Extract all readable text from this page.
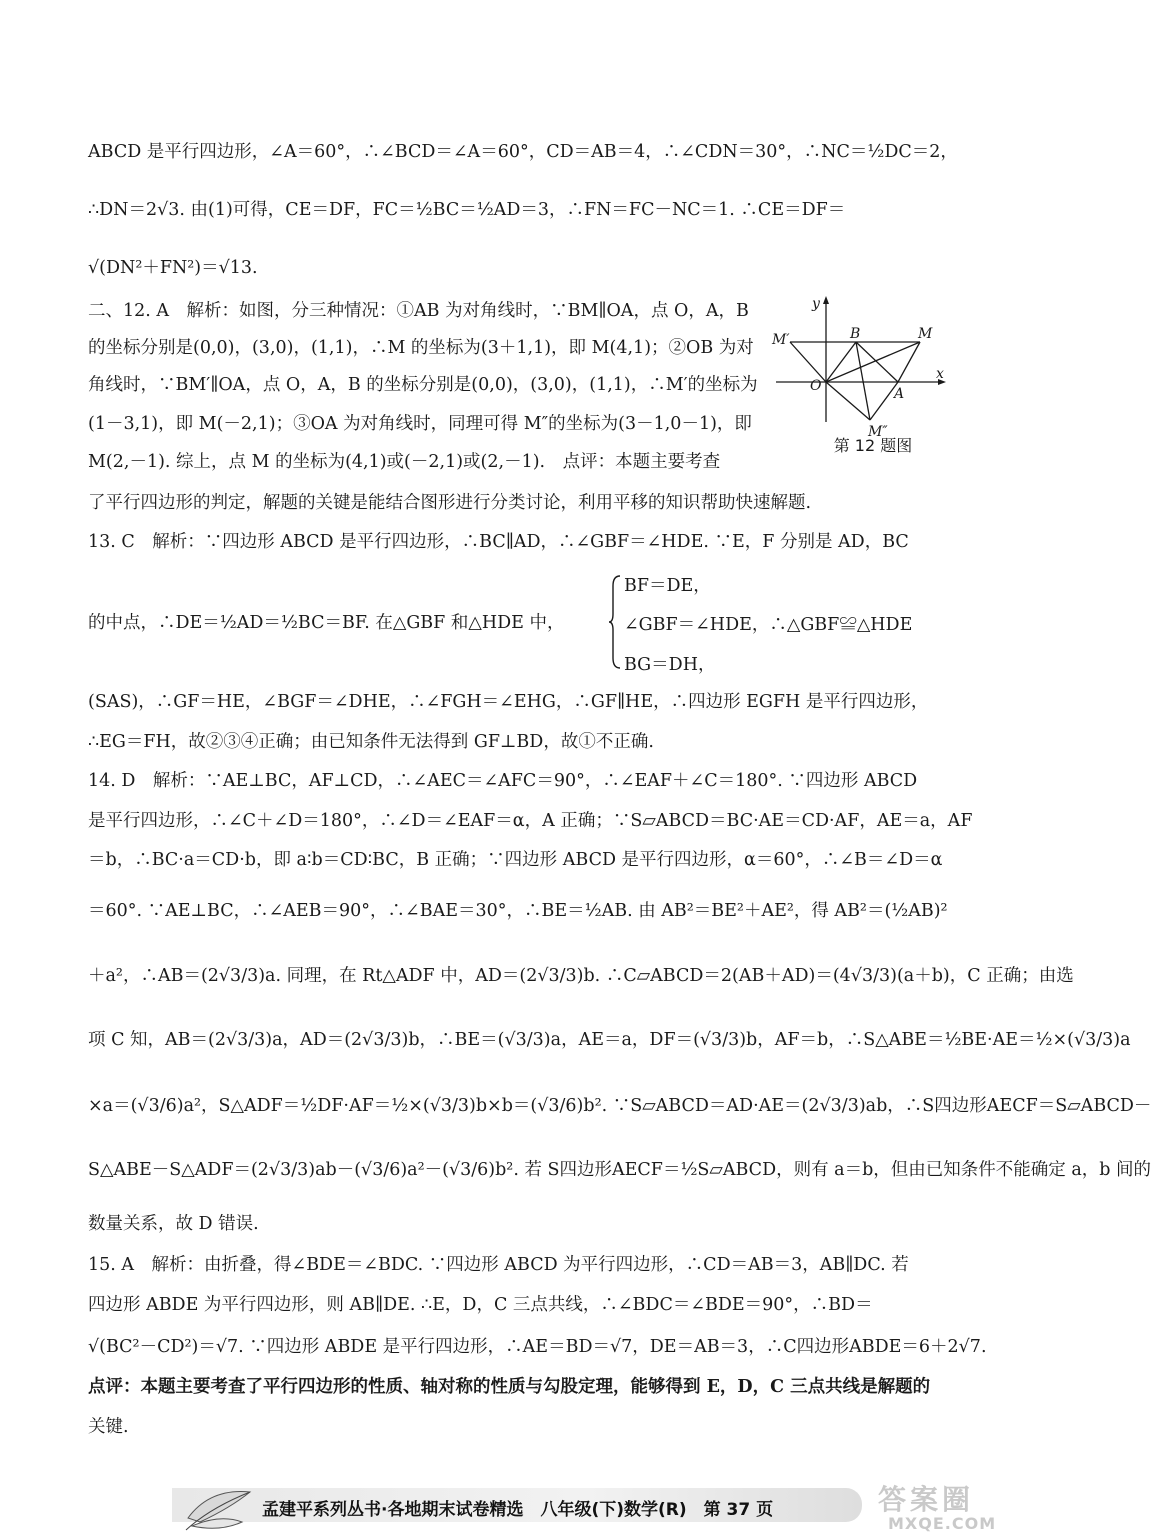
ABCD 是平行四边形，∠A＝60°，∴∠BCD＝∠A＝60°，CD＝AB＝4，∴∠CDN＝30°，∴NC＝½DC＝2，
∴DN＝2√3. 由(1)可得，CE＝DF，FC＝½BC＝½AD＝3，∴FN＝FC－NC＝1. ∴CE＝DF＝
√(DN²＋FN²)＝√13.
二、12. A　解析：如图，分三种情况：①AB 为对角线时，∵BM∥OA，点 O，A，B
的坐标分别是(0,0)，(3,0)，(1,1)，∴M 的坐标为(3＋1,1)，即 M(4,1)；②OB 为对
角线时，∵BM′∥OA，点 O，A，B 的坐标分别是(0,0)，(3,0)，(1,1)，∴M′的坐标为
(1－3,1)，即 M(－2,1)；③OA 为对角线时，同理可得 M″的坐标为(3－1,0－1)，即
M(2,－1). 综上，点 M 的坐标为(4,1)或(－2,1)或(2,－1).　点评：本题主要考查
了平行四边形的判定，解题的关键是能结合图形进行分类讨论，利用平移的知识帮助快速解题.
13. C　解析：∵四边形 ABCD 是平行四边形，∴BC∥AD，∴∠GBF＝∠HDE. ∵E，F 分别是 AD，BC
的中点，∴DE＝½AD＝½BC＝BF. 在△GBF 和△HDE 中，
(SAS)，∴GF＝HE，∠BGF＝∠DHE，∴∠FGH＝∠EHG，∴GF∥HE，∴四边形 EGFH 是平行四边形，
∴EG＝FH，故②③④正确；由已知条件无法得到 GF⊥BD，故①不正确.
14. D　解析：∵AE⊥BC，AF⊥CD，∴∠AEC＝∠AFC＝90°，∴∠EAF＋∠C＝180°. ∵四边形 ABCD
是平行四边形，∴∠C＋∠D＝180°，∴∠D＝∠EAF＝α，A 正确；∵S▱ABCD＝BC·AE＝CD·AF，AE＝a，AF
＝b，∴BC·a＝CD·b，即 a∶b＝CD∶BC，B 正确；∵四边形 ABCD 是平行四边形，α＝60°，∴∠B＝∠D＝α
＝60°. ∵AE⊥BC，∴∠AEB＝90°，∴∠BAE＝30°，∴BE＝½AB. 由 AB²＝BE²＋AE²，得 AB²＝(½AB)²
＋a²，∴AB＝(2√3/3)a. 同理，在 Rt△ADF 中，AD＝(2√3/3)b. ∴C▱ABCD＝2(AB＋AD)＝(4√3/3)(a＋b)，C 正确；由选
项 C 知，AB＝(2√3/3)a，AD＝(2√3/3)b，∴BE＝(√3/3)a，AE＝a，DF＝(√3/3)b，AF＝b，∴S△ABE＝½BE·AE＝½×(√3/3)a
×a＝(√3/6)a²，S△ADF＝½DF·AF＝½×(√3/3)b×b＝(√3/6)b². ∵S▱ABCD＝AD·AE＝(2√3/3)ab，∴S四边形AECF＝S▱ABCD－
S△ABE－S△ADF＝(2√3/3)ab－(√3/6)a²－(√3/6)b². 若 S四边形AECF＝½S▱ABCD，则有 a＝b，但由已知条件不能确定 a，b 间的
数量关系，故 D 错误.
15. A　解析：由折叠，得∠BDE＝∠BDC. ∵四边形 ABCD 为平行四边形，∴CD＝AB＝3，AB∥DC. 若
四边形 ABDE 为平行四边形，则 AB∥DE. ∴E，D，C 三点共线，∴∠BDC＝∠BDE＝90°，∴BD＝
√(BC²－CD²)＝√7. ∵四边形 ABDE 是平行四边形，∴AE＝BD＝√7，DE＝AB＝3，∴C四边形ABDE＝6＋2√7.
点评：本题主要考查了平行四边形的性质、轴对称的性质与勾股定理，能够得到 E，D，C 三点共线是解题的
关键.
BF＝DE，
∠GBF＝∠HDE，∴△GBF≌△HDE
BG＝DH，
y
x
O	A
B	M
M′
M″
第 12 题图
孟建平系列丛书·各地期末试卷精选　八年级(下)数学(R)　第 37 页	答案圈
MXQE.COM
